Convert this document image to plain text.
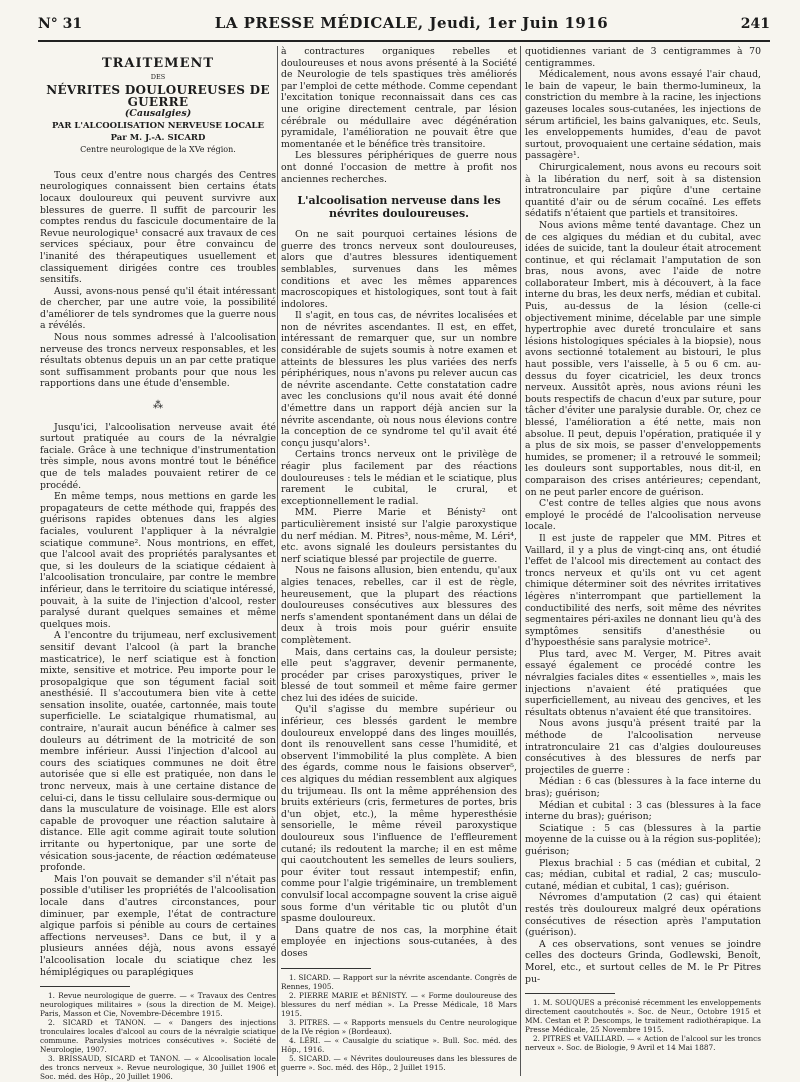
N° 31	LA PRESSE MÉDICALE, Jeudi, 1er Juin 1916	241
TRAITEMENT
DES
NÉVRITES DOULOUREUSES DE GUERRE
(Causalgies)
PAR L'ALCOOLISATION NERVEUSE LOCALE
Par M. J.-A. SICARD
Centre neurologique de la XVe région.

Tous ceux d'entre nous chargés des Centres neurologiques connaissent bien certains états locaux douloureux qui peuvent survivre aux blessures de guerre. Il suffit de parcourir les comptes rendus du fascicule documentaire de la Revue neurologique¹ consacré aux travaux de ces services spéciaux, pour être convaincu de l'inanité des thérapeutiques usuellement et classiquement dirigées contre ces troubles sensitifs.

Aussi, avons-nous pensé qu'il était intéressant de chercher, par une autre voie, la possibilité d'améliorer de tels syndromes que la guerre nous a révélés.

Nous nous sommes adressé à l'alcoolisation nerveuse des troncs nerveux responsables, et les résultats obtenus depuis un an par cette pratique sont suffisamment probants pour que nous les rapportions dans une étude d'ensemble.

⁂

Jusqu'ici, l'alcoolisation nerveuse avait été surtout pratiquée au cours de la névralgie faciale. Grâce à une technique d'instrumentation très simple, nous avons montré tout le bénéfice que de tels malades pouvaient retirer de ce procédé.

En même temps, nous mettions en garde les propagateurs de cette méthode qui, frappés des guérisons rapides obtenues dans les algies faciales, voulurent l'appliquer à la névralgie sciatique commune². Nous montrions, en effet, que l'alcool avait des propriétés paralysantes et que, si les douleurs de la sciatique cédaient à l'alcoolisation tronculaire, par contre le membre inférieur, dans le territoire du sciatique intéressé, pouvait, à la suite de l'injection d'alcool, rester paralysé durant quelques semaines et même quelques mois.

A l'encontre du trijumeau, nerf exclusivement sensitif devant l'alcool (à part la branche masticatrice), le nerf sciatique est à fonction mixte, sensitive et motrice. Peu importe pour le prosopalgique que son tégument facial soit anesthésié. Il s'accoutumera bien vite à cette sensation insolite, ouatée, cartonnée, mais toute superficielle. Le sciatalgique rhumatismal, au contraire, n'aurait aucun bénéfice à calmer ses douleurs au détriment de la motricité de son membre inférieur. Aussi l'injection d'alcool au cours des sciatiques communes ne doit être autorisée que si elle est pratiquée, non dans le tronc nerveux, mais à une certaine distance de celui-ci, dans le tissu cellulaire sous-dermique ou dans la musculature de voisinage. Elle est alors capable de provoquer une réaction salutaire à distance. Elle agit comme agirait toute solution irritante ou hypertonique, par une sorte de vésication sous-jacente, de réaction œdémateuse profonde.

Mais l'on pouvait se demander s'il n'était pas possible d'utiliser les propriétés de l'alcoolisation locale dans d'autres circonstances, pour diminuer, par exemple, l'état de contracture algique parfois si pénible au cours de certaines affections nerveuses³. Dans ce but, il y a plusieurs années déjà, nous avons essayé l'alcoolisation locale du sciatique chez les hémiplégiques ou paraplégiques

1. Revue neurologique de guerre. — « Travaux des Centres neurologiques militaires » (sous la direction de M. Meige). Paris, Masson et Cie, Novembre-Décembre 1915.

2. SICARD et TANON. — « Dangers des injections tronculaires locales d'alcool au cours de la névralgie sciatique commune. Paralysies motrices consécutives ». Société de Neurologie, 1907.

3. BRISSAUD, SICARD et TANON. — « Alcoolisation locale des troncs nerveux ». Revue neurologique, 30 Juillet 1906 et Soc. méd. des Hôp., 20 Juillet 1906.

à contractures organiques rebelles et douloureuses et nous avons présenté à la Société de Neurologie de tels spastiques très améliorés par l'emploi de cette méthode. Comme cependant l'excitation tonique reconnaissait dans ces cas une origine directement centrale, par lésion cérébrale ou médullaire avec dégénération pyramidale, l'amélioration ne pouvait être que momentanée et le bénéfice très transitoire.

Les blessures périphériques de guerre nous ont donné l'occasion de mettre à profit nos anciennes recherches.

L'alcoolisation nerveuse dans les névrites douloureuses.

On ne sait pourquoi certaines lésions de guerre des troncs nerveux sont douloureuses, alors que d'autres blessures identiquement semblables, survenues dans les mêmes conditions et avec les mêmes apparences macroscopiques et histologiques, sont tout à fait indolores.

Il s'agit, en tous cas, de névrites localisées et non de névrites ascendantes. Il est, en effet, intéressant de remarquer que, sur un nombre considérable de sujets soumis à notre examen et atteints de blessures les plus variées des nerfs périphériques, nous n'avons pu relever aucun cas de névrite ascendante. Cette constatation cadre avec les conclusions qu'il nous avait été donné d'émettre dans un rapport déjà ancien sur la névrite ascendante, où nous nous élevions contre la conception de ce syndrome tel qu'il avait été conçu jusqu'alors¹.

Certains troncs nerveux ont le privilège de réagir plus facilement par des réactions douloureuses : tels le médian et le sciatique, plus rarement le cubital, le crural, et exceptionnellement le radial.

MM. Pierre Marie et Bénisty² ont particulièrement insisté sur l'algie paroxystique du nerf médian. M. Pitres³, nous-même, M. Léri⁴, etc. avons signalé les douleurs persistantes du nerf sciatique blessé par projectile de guerre.

Nous ne faisons allusion, bien entendu, qu'aux algies tenaces, rebelles, car il est de règle, heureusement, que la plupart des réactions douloureuses consécutives aux blessures des nerfs s'amendent spontanément dans un délai de deux à trois mois pour guérir ensuite complètement.

Mais, dans certains cas, la douleur persiste; elle peut s'aggraver, devenir permanente, procéder par crises paroxystiques, priver le blessé de tout sommeil et même faire germer chez lui des idées de suicide.

Qu'il s'agisse du membre supérieur ou inférieur, ces blessés gardent le membre douloureux enveloppé dans des linges mouillés, dont ils renouvellent sans cesse l'humidité, et observent l'immobilité la plus complète. A bien des égards, comme nous le faisions observer⁵, ces algiques du médian ressemblent aux algiques du trijumeau. Ils ont la même appréhension des bruits extérieurs (cris, fermetures de portes, bris d'un objet, etc.), la même hyperesthésie sensorielle, le même réveil paroxystique douloureux sous l'influence de l'effleurement cutané; ils redoutent la marche; il en est même qui caoutchoutent les semelles de leurs souliers, pour éviter tout ressaut intempestif; enfin, comme pour l'algie trigéminaire, un tremblement convulsif local accompagne souvent la crise aiguë sous forme d'un véritable tic ou plutôt d'un spasme douloureux.

Dans quatre de nos cas, la morphine était employée en injections sous-cutanées, à des doses

1. SICARD. — Rapport sur la névrite ascendante. Congrès de Rennes, 1905.

2. PIERRE MARIE et BÉNISTY. — « Forme douloureuse des blessures du nerf médian ». La Presse Médicale, 18 Mars 1915.

3. PITRES. — « Rapports mensuels du Centre neurologique de la IVe région » (Bordeaux).

4. LÉRI. — « Causalgie du sciatique ». Bull. Soc. méd. des Hôp., 1916.

5. SICARD. — « Névrites douloureuses dans les blessures de guerre ». Soc. méd. des Hôp., 2 Juillet 1915.

quotidiennes variant de 3 centigrammes à 70 centigrammes.

Médicalement, nous avons essayé l'air chaud, le bain de vapeur, le bain thermo-lumineux, la constriction du membre à la racine, les injections gazeuses locales sous-cutanées, les injections de sérum artificiel, les bains galvaniques, etc. Seuls, les enveloppements humides, d'eau de pavot surtout, provoquaient une certaine sédation, mais passagère¹.

Chirurgicalement, nous avons eu recours soit à la libération du nerf, soit à sa distension intratronculaire par piqûre d'une certaine quantité d'air ou de sérum cocaïné. Les effets sédatifs n'étaient que partiels et transitoires.

Nous avions même tenté davantage. Chez un de ces algiques du médian et du cubital, avec idées de suicide, tant la douleur était atrocement continue, et qui réclamait l'amputation de son bras, nous avons, avec l'aide de notre collaborateur Imbert, mis à découvert, à la face interne du bras, les deux nerfs, médian et cubital. Puis, au-dessus de la lésion (celle-ci objectivement minime, décelable par une simple hypertrophie avec dureté tronculaire et sans lésions histologiques spéciales à la biopsie), nous avons sectionné totalement au bistouri, le plus haut possible, vers l'aisselle, à 5 ou 6 cm. au-dessus du foyer cicatriciel, les deux troncs nerveux. Aussitôt après, nous avions réuni les bouts respectifs de chacun d'eux par suture, pour tâcher d'éviter une paralysie durable. Or, chez ce blessé, l'amélioration a été nette, mais non absolue. Il peut, depuis l'opération, pratiquée il y a plus de six mois, se passer d'enveloppements humides, se promener; il a retrouvé le sommeil; les douleurs sont supportables, nous dit-il, en comparaison des crises antérieures; cependant, on ne peut parler encore de guérison.

C'est contre de telles algies que nous avons employé le procédé de l'alcoolisation nerveuse locale.

Il est juste de rappeler que MM. Pitres et Vaillard, il y a plus de vingt-cinq ans, ont étudié l'effet de l'alcool mis directement au contact des troncs nerveux et qu'ils ont vu cet agent chimique déterminer soit des névrites irritatives légères n'interrompant que partiellement la conductibilité des nerfs, soit même des névrites segmentaires péri-axiles ne donnant lieu qu'à des symptômes sensitifs d'anesthésie ou d'hypoesthésie sans paralysie motrice².

Plus tard, avec M. Verger, M. Pitres avait essayé également ce procédé contre les névralgies faciales dites « essentielles », mais les injections n'avaient été pratiquées que superficiellement, au niveau des gencives, et les résultats obtenus n'avaient été que transitoires.

Nous avons jusqu'à présent traité par la méthode de l'alcoolisation nerveuse intratronculaire 21 cas d'algies douloureuses consécutives à des blessures de nerfs par projectiles de guerre :

Médian : 6 cas (blessures à la face interne du bras); guérison;

Médian et cubital : 3 cas (blessures à la face interne du bras); guérison;

Sciatique : 5 cas (blessures à la partie moyenne de la cuisse ou à la région sus-poplitée); guérison;

Plexus brachial : 5 cas (médian et cubital, 2 cas; médian, cubital et radial, 2 cas; musculo-cutané, médian et cubital, 1 cas); guérison.

Névromes d'amputation (2 cas) qui étaient restés très douloureux malgré deux opérations consécutives de résection après l'amputation (guérison).

A ces observations, sont venues se joindre celles des docteurs Grinda, Godlewski, Benoît, Morel, etc., et surtout celles de M. le Pr Pitres pu-

1. M. SOUQUES a préconisé récemment les enveloppements directement caoutchoutés ». Soc. de Neur., Octobre 1915 et MM. Cestan et P. Descomps, le traitement radiothérapique. La Presse Médicale, 25 Novembre 1915.

2. PITRES et VAILLARD. — « Action de l'alcool sur les troncs nerveux ». Soc. de Biologie, 9 Avril et 14 Mai 1887.
